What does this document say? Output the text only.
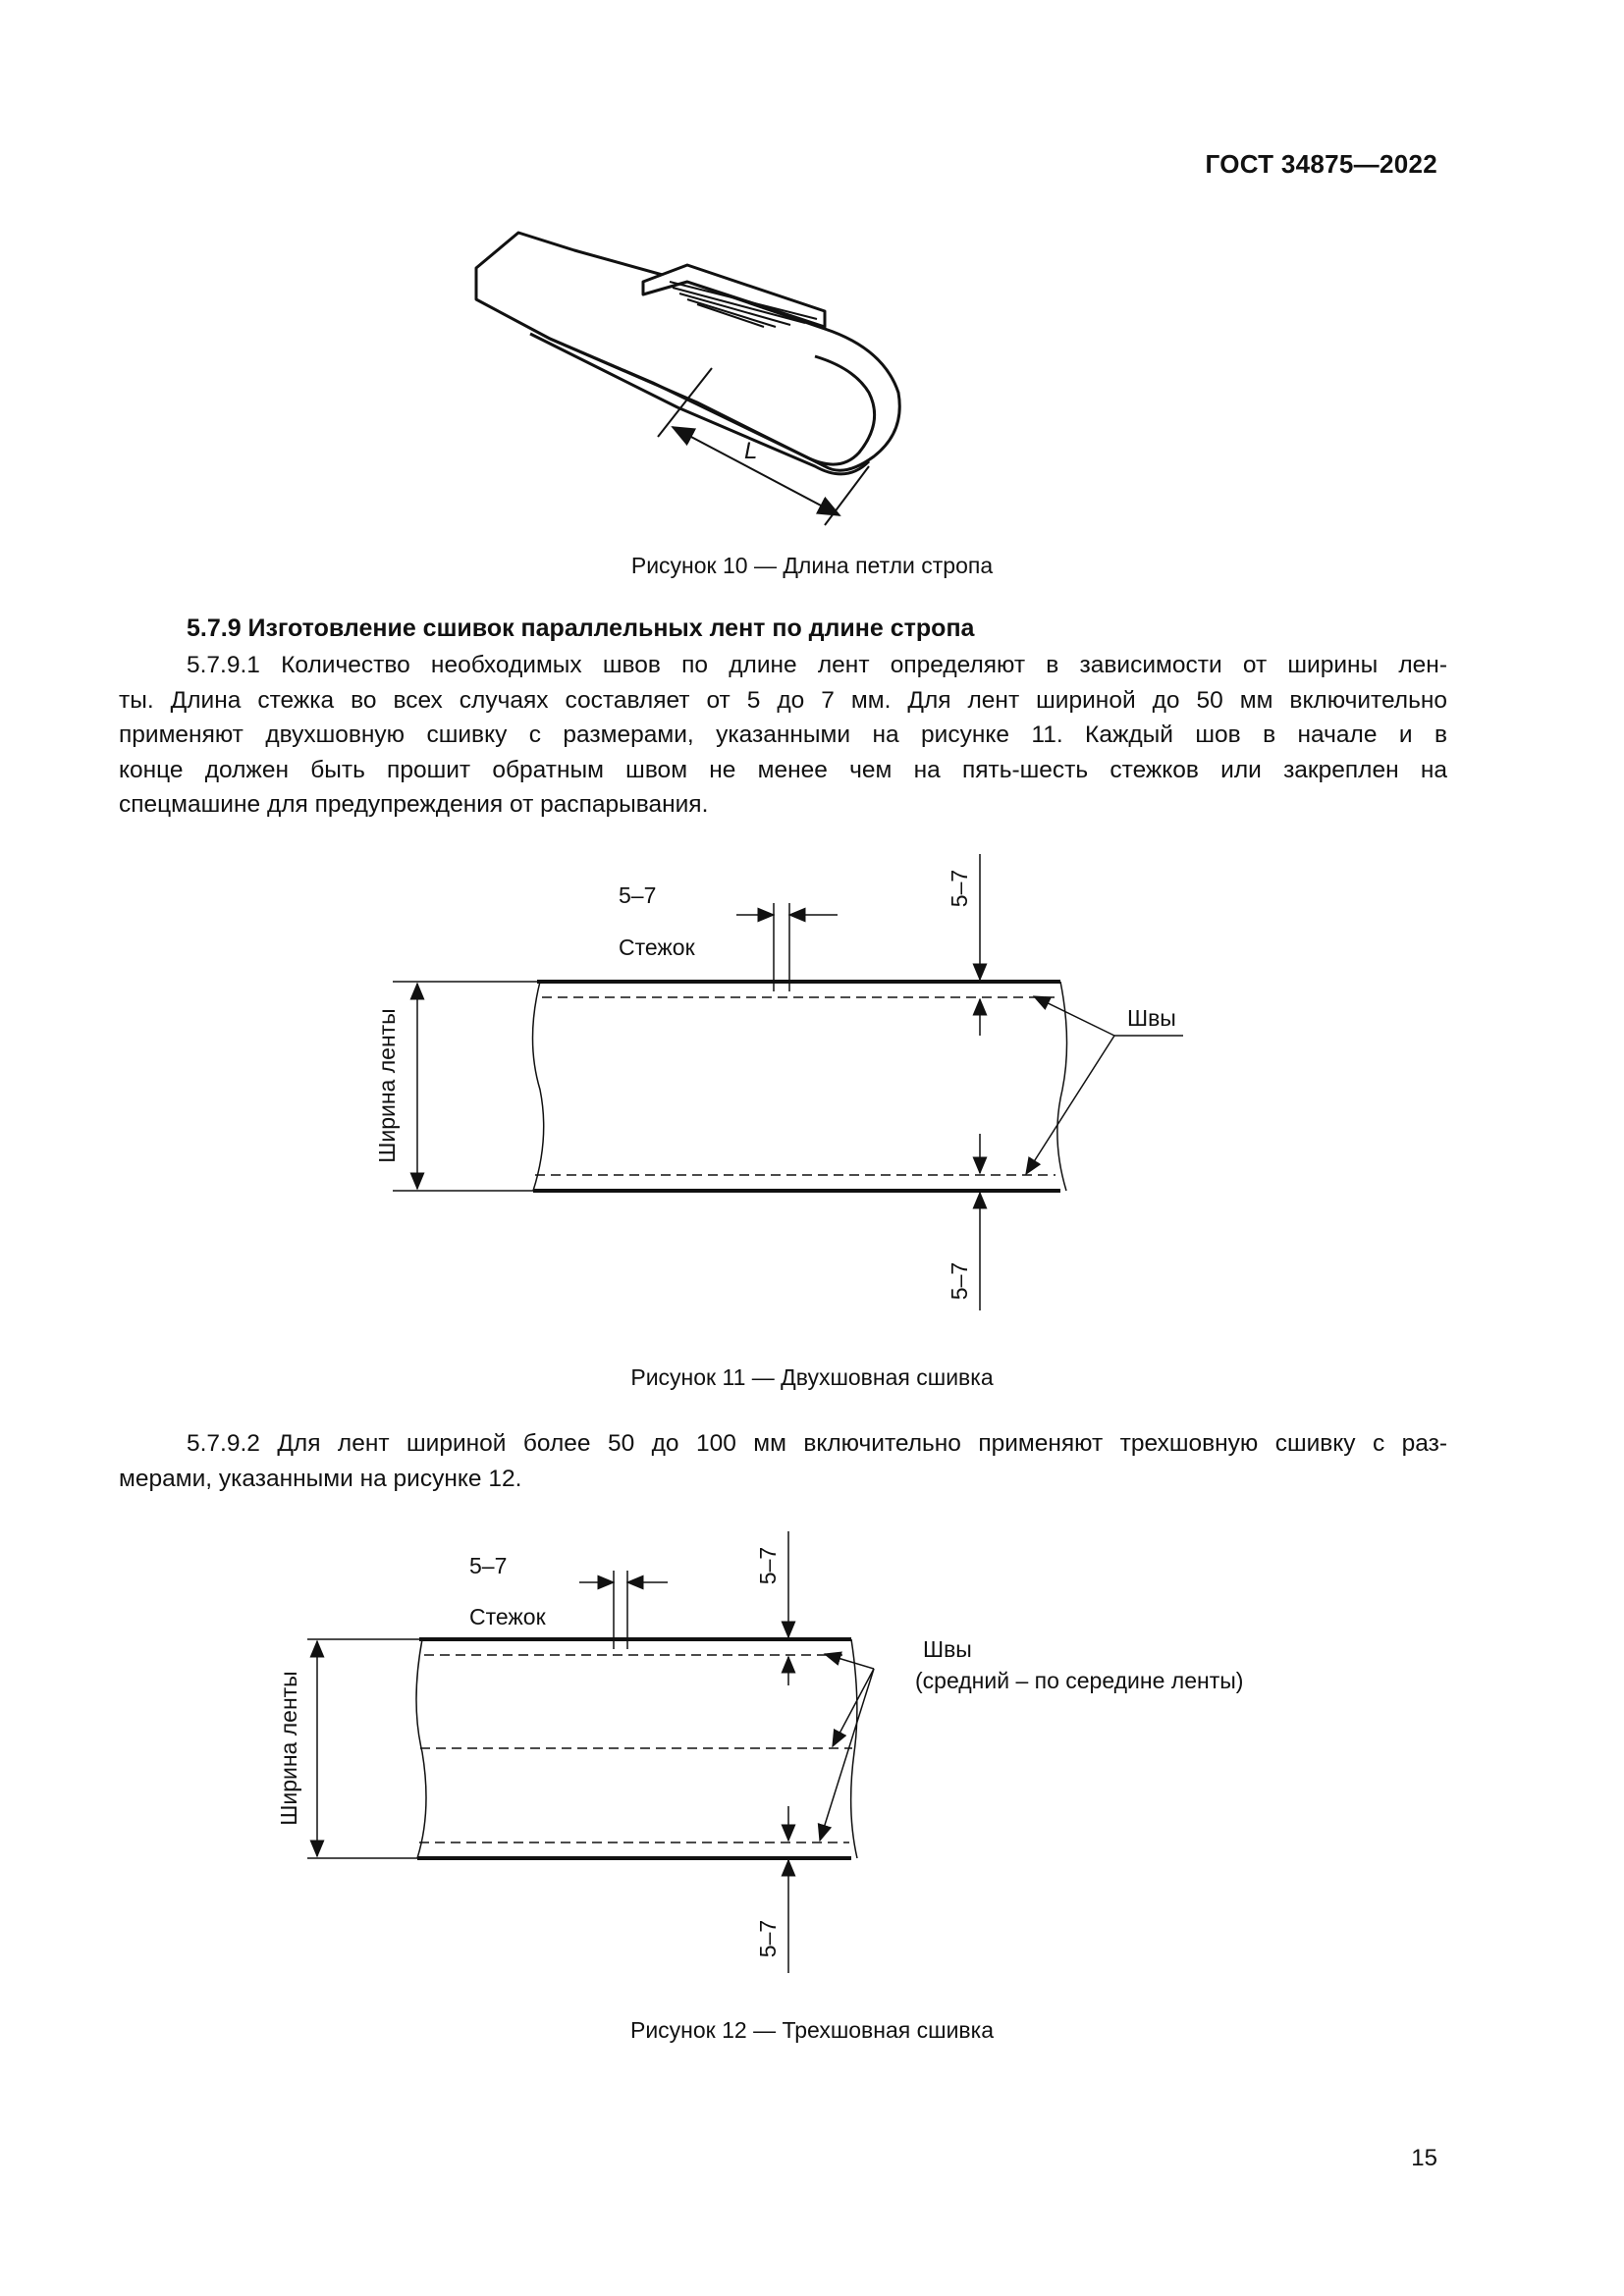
ГОСТ 34875—2022
L
Рисунок 10 — Длина петли стропа
5.7.9 Изготовление сшивок параллельных лент по длине стропа
5.7.9.1 Количество необходимых швов по длине лент определяют в зависимости от ширины лен-
ты. Длина стежка во всех случаях составляет от 5 до 7 мм. Для лент шириной до 50 мм включительно
применяют двухшовную сшивку с размерами, указанными на рисунке 11. Каждый шов в начале и в
конце должен быть прошит обратным швом не менее чем на пять-шесть стежков или закреплен на
спецмашине для предупреждения от распарывания.
Ширина ленты
5–7
Стежок
5–7
5–7
Швы
Рисунок 11 — Двухшовная сшивка
5.7.9.2 Для лент шириной более 50 до 100 мм включительно применяют трехшовную сшивку с раз-
мерами, указанными на рисунке 12.
Ширина ленты
5–7
Стежок
5–7
5–7
Швы
(средний – по середине ленты)
Рисунок 12 — Трехшовная сшивка
15
